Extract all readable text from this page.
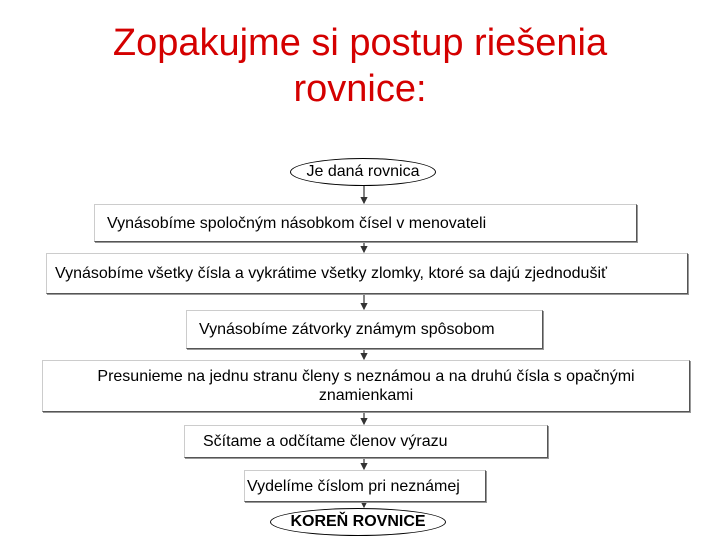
Zopakujme si postup riešenia
rovnice:
Je daná rovnica
Vynásobíme spoločným násobkom čísel v menovateli
Vynásobíme všetky čísla a vykrátime všetky zlomky, ktoré sa dajú zjednodušiť
Vynásobíme zátvorky známym spôsobom
Presunieme na jednu stranu členy s neznámou a na druhú čísla s opačnými znamienkami
Sčítame a odčítame členov výrazu
Vydelíme číslom pri neznámej
KOREŇ ROVNICE
